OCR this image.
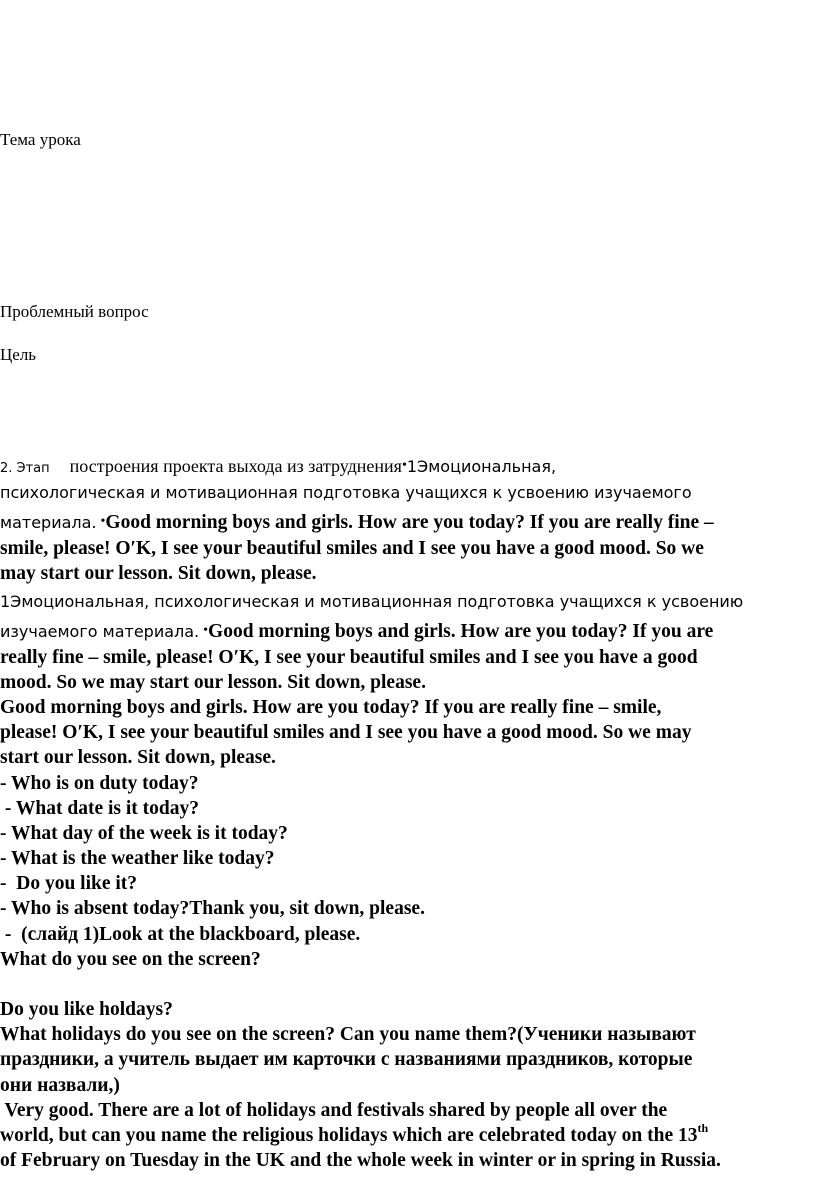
Тема урока
Проблемный вопрос
Цель
2. Этап построения проекта выхода из затруднения•1Эмоциональная,
психологическая и мотивационная подготовка учащихся к усвоению изучаемого
материала. •Good morning boys and girls. How are you today? If you are really fine –
smile, please! O′K, I see your beautiful smiles and I see you have a good mood. So we
may start our lesson. Sit down, please.
1Эмоциональная, психологическая и мотивационная подготовка учащихся к усвоению
изучаемого материала. •Good morning boys and girls. How are you today? If you are
really fine – smile, please! O′K, I see your beautiful smiles and I see you have a good
mood. So we may start our lesson. Sit down, please.
Good morning boys and girls. How are you today? If you are really fine – smile,
please! O′K, I see your beautiful smiles and I see you have a good mood. So we may
start our lesson. Sit down, please.
- Who is on duty today?
- What date is it today?
- What day of the week is it today?
- What is the weather like today?
-  Do you like it?
- Who is absent today?Thank you, sit down, please.
-  (слайд 1)Look at the blackboard, please.
What do you see on the screen?
Do you like holdays?
What holidays do you see on the screen? Can you name them?(Ученики называют
праздники, а учитель выдает им карточки с названиями праздников, которые
они назвали,)
Very good. There are a lot of holidays and festivals shared by people all over the
world, but can you name the religious holidays which are celebrated today on the 13th
of February on Tuesday in the UK and the whole week in winter or in spring in Russia.
